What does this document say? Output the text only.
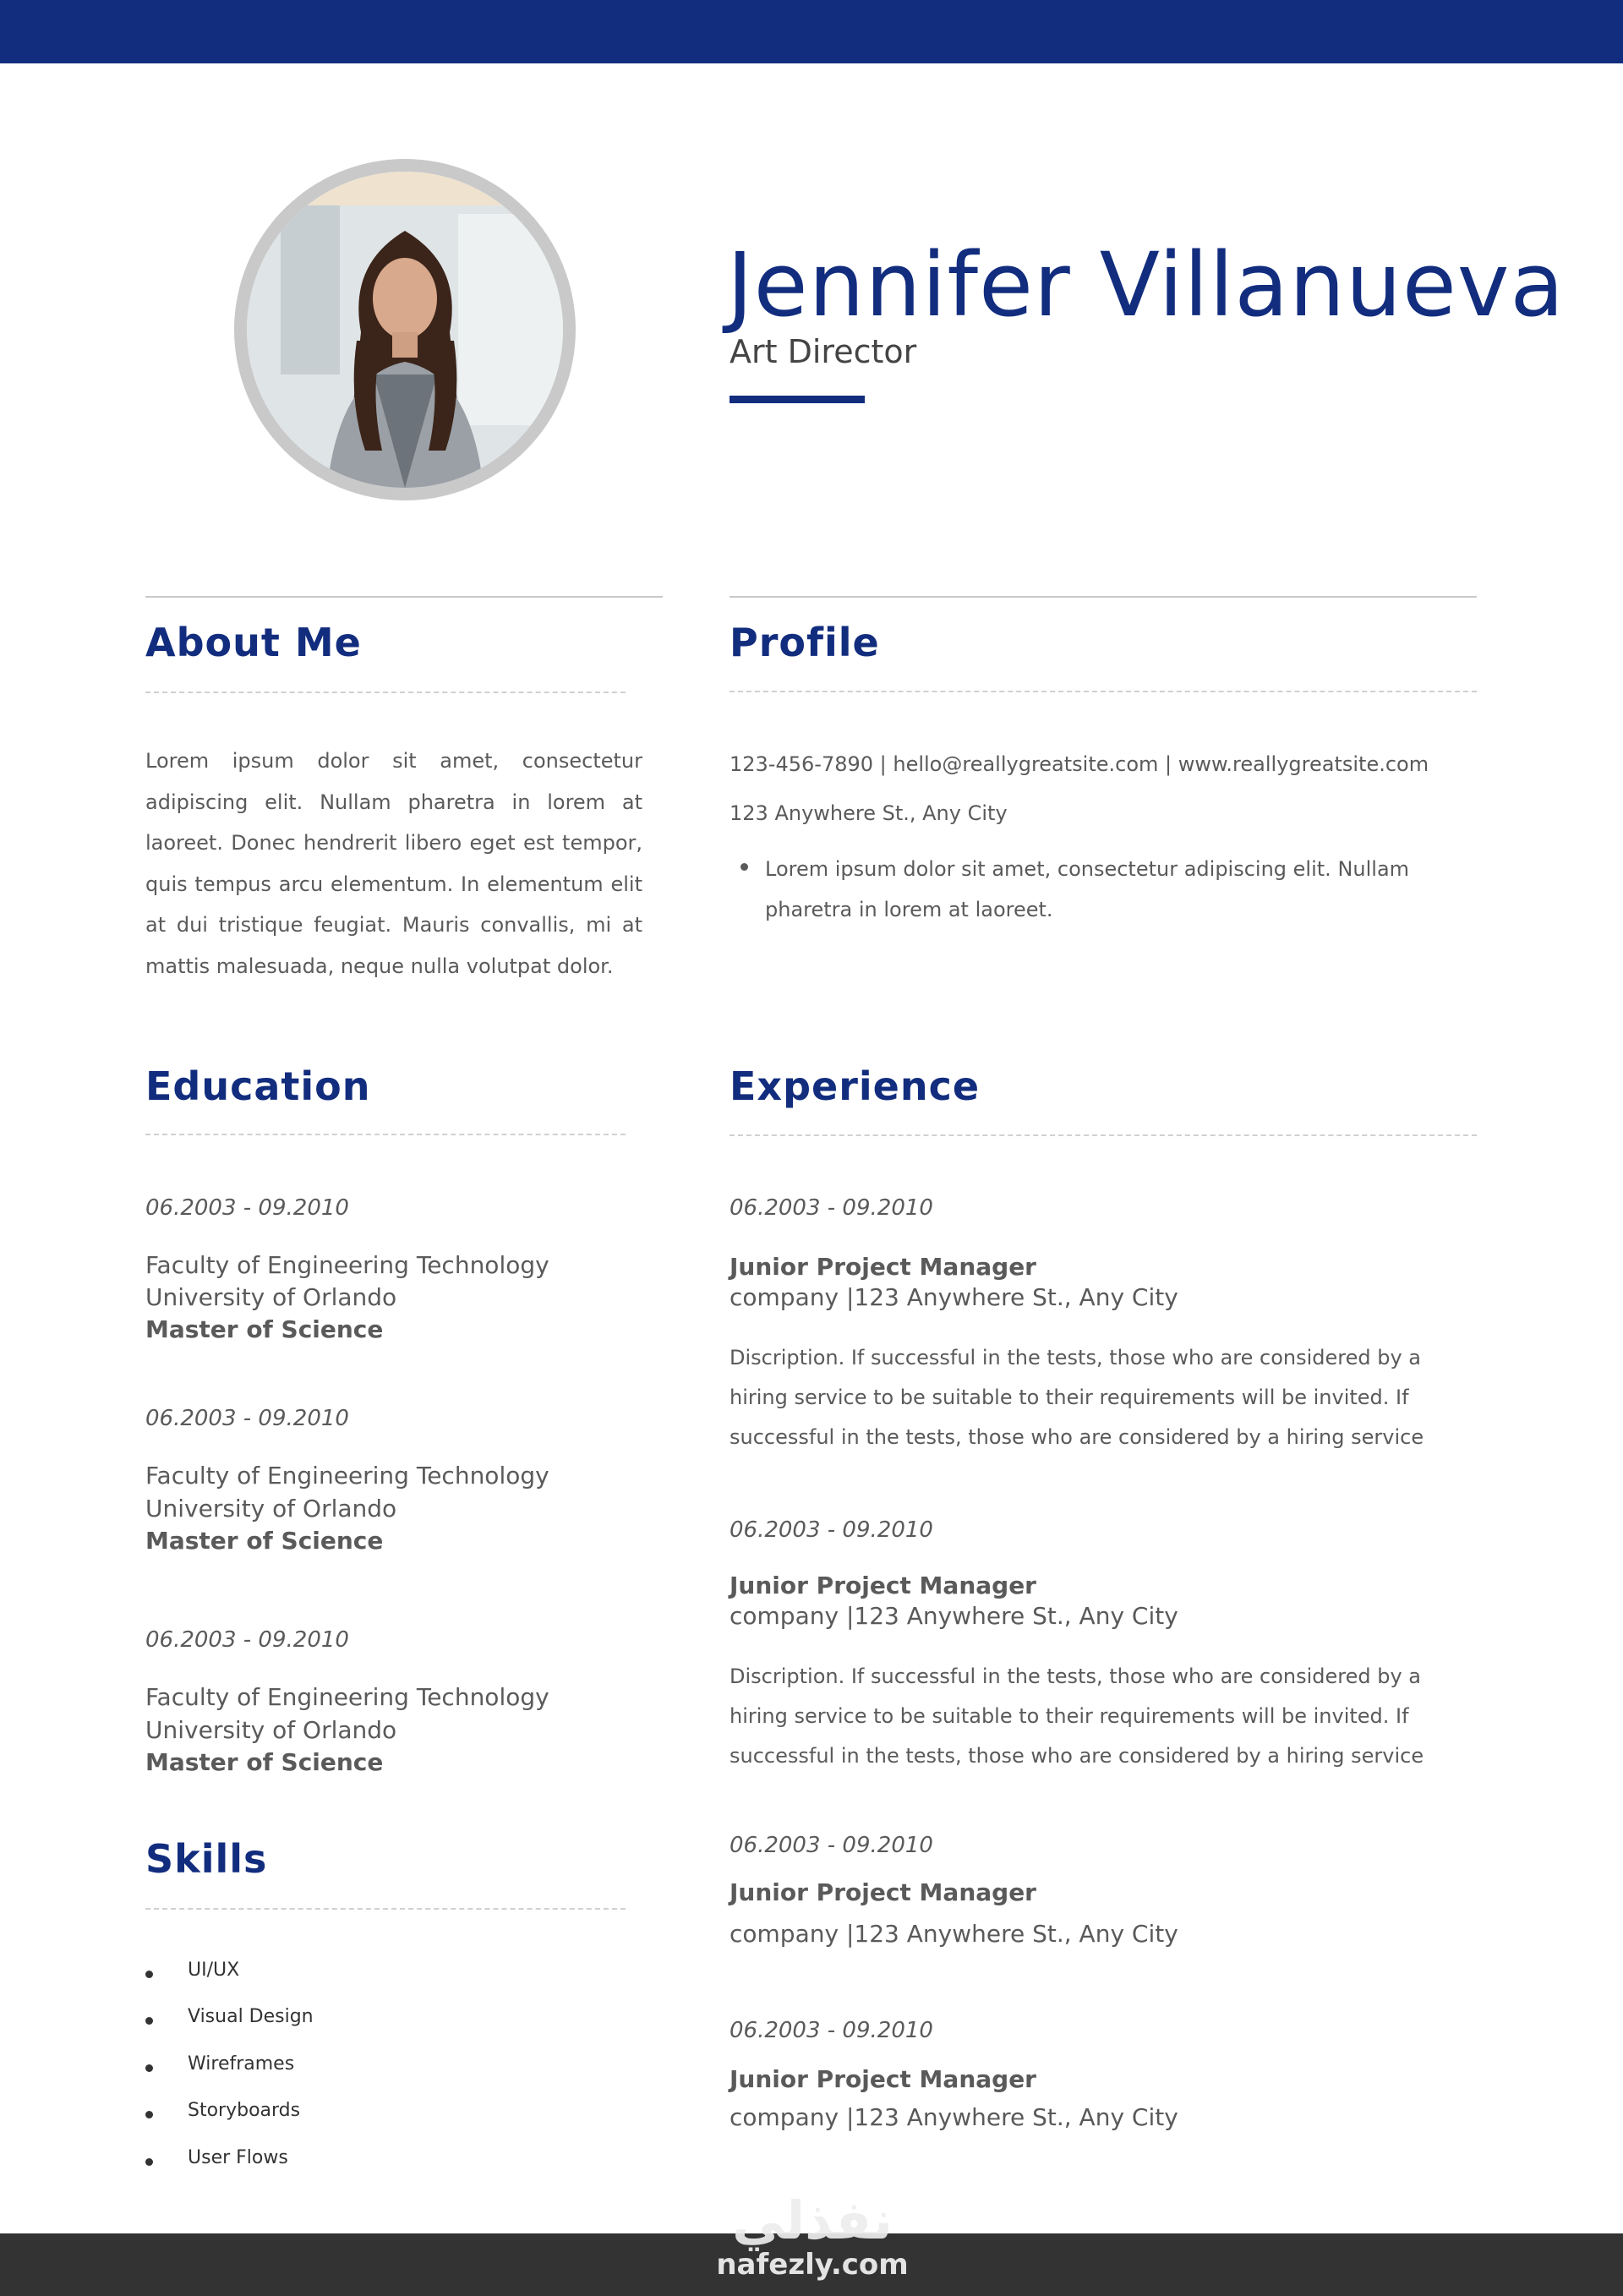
Jennifer Villanueva

Art Director

About Me

Lorem ipsum dolor sit amet, consectetur adipiscing elit. Nullam pharetra in lorem at laoreet. Donec hendrerit libero eget est tempor, quis tempus arcu elementum. In elementum elit at dui tristique feugiat. Mauris convallis, mi at mattis malesuada, neque nulla volutpat dolor.

Profile

123-456-7890 | hello@reallygreatsite.com | www.reallygreatsite.com

123 Anywhere St., Any City

Lorem ipsum dolor sit amet, consectetur adipiscing elit. Nullam pharetra in lorem at laoreet.

Education

06.2003 - 09.2010

Faculty of Engineering Technology

University of Orlando

Master of Science

06.2003 - 09.2010

Faculty of Engineering Technology

University of Orlando

Master of Science

06.2003 - 09.2010

Faculty of Engineering Technology

University of Orlando

Master of Science

Experience

06.2003 - 09.2010

Junior Project Manager

company |123 Anywhere St., Any City

Discription. If successful in the tests, those who are considered by a hiring service to be suitable to their requirements will be invited. If successful in the tests, those who are considered by a hiring service

06.2003 - 09.2010

Junior Project Manager

company |123 Anywhere St., Any City

Discription. If successful in the tests, those who are considered by a hiring service to be suitable to their requirements will be invited. If successful in the tests, those who are considered by a hiring service

06.2003 - 09.2010

Junior Project Manager

company |123 Anywhere St., Any City

06.2003 - 09.2010

Junior Project Manager

company |123 Anywhere St., Any City

Skills

UI/UX

Visual Design

Wireframes

Storyboards

User Flows

نفذلي

nafezly.com
